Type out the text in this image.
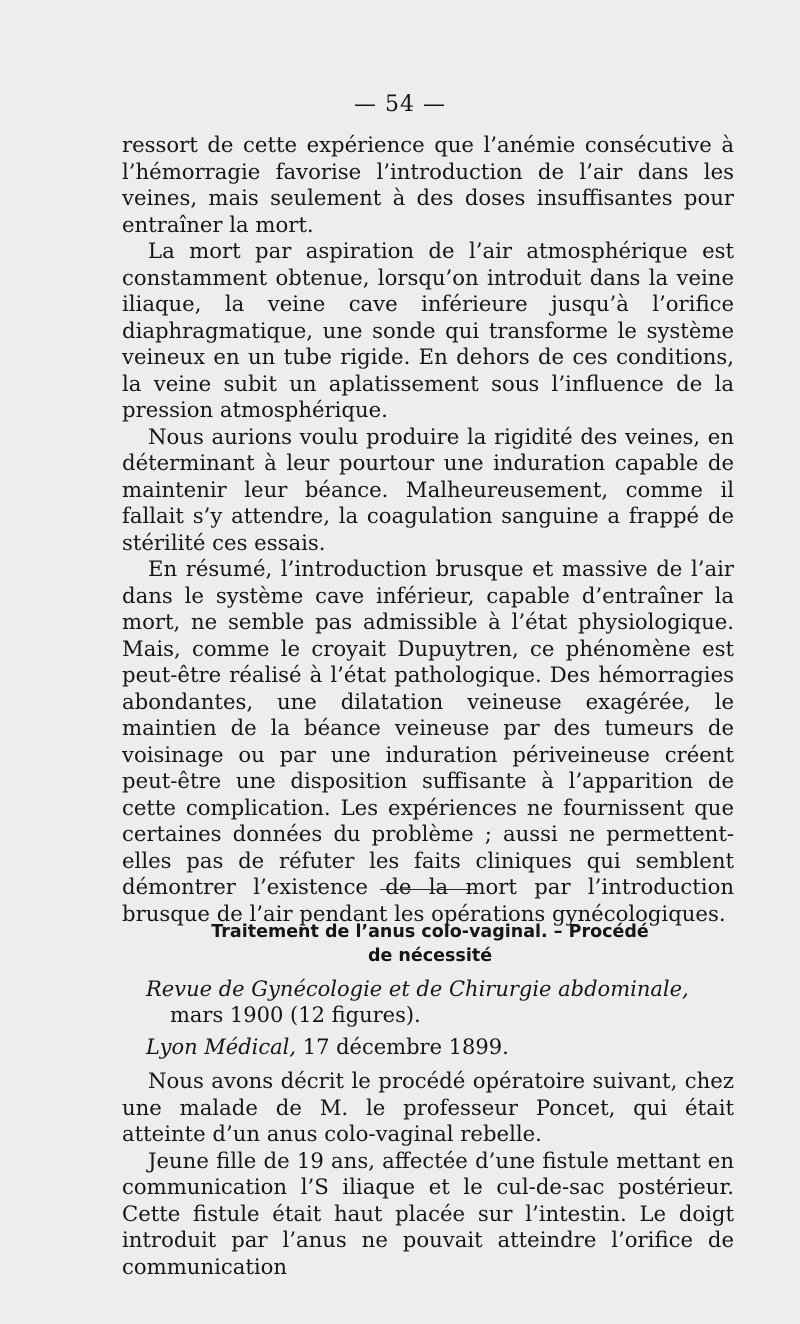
— 54 —

ressort de cette expérience que l’anémie consécutive à l’hémorragie favorise l’introduction de l’air dans les veines, mais seulement à des doses insuffisantes pour entraîner la mort.

La mort par aspiration de l’air atmosphérique est constamment obtenue, lorsqu’on introduit dans la veine iliaque, la veine cave inférieure jusqu’à l’orifice diaphragmatique, une sonde qui transforme le système veineux en un tube rigide. En dehors de ces conditions, la veine subit un aplatissement sous l’influence de la pression atmosphérique.

Nous aurions voulu produire la rigidité des veines, en déterminant à leur pourtour une induration capable de maintenir leur béance. Malheureusement, comme il fallait s’y attendre, la coagulation sanguine a frappé de stérilité ces essais.

En résumé, l’introduction brusque et massive de l’air dans le système cave inférieur, capable d’entraîner la mort, ne semble pas admissible à l’état physiologique. Mais, comme le croyait Dupuytren, ce phénomène est peut-être réalisé à l’état pathologique. Des hémorragies abondantes, une dilatation veineuse exagérée, le maintien de la béance veineuse par des tumeurs de voisinage ou par une induration périveineuse créent peut-être une disposition suffisante à l’apparition de cette complication. Les expériences ne fournissent que certaines données du problème ; aussi ne permettent-elles pas de réfuter les faits cliniques qui semblent démontrer l’existence de la mort par l’introduction brusque de l’air pendant les opérations gynécologiques.

Traitement de l’anus colo-vaginal. – Procédé
de nécessité
Revue de Gynécologie et de Chirurgie abdominale,
mars 1900 (12 figures).
Lyon Médical, 17 décembre 1899.

Nous avons décrit le procédé opératoire suivant, chez une malade de M. le professeur Poncet, qui était atteinte d’un anus colo-vaginal rebelle.

Jeune fille de 19 ans, affectée d’une fistule mettant en communication l’S iliaque et le cul-de-sac postérieur. Cette fistule était haut placée sur l’intestin. Le doigt introduit par l’anus ne pouvait atteindre l’orifice de communication
